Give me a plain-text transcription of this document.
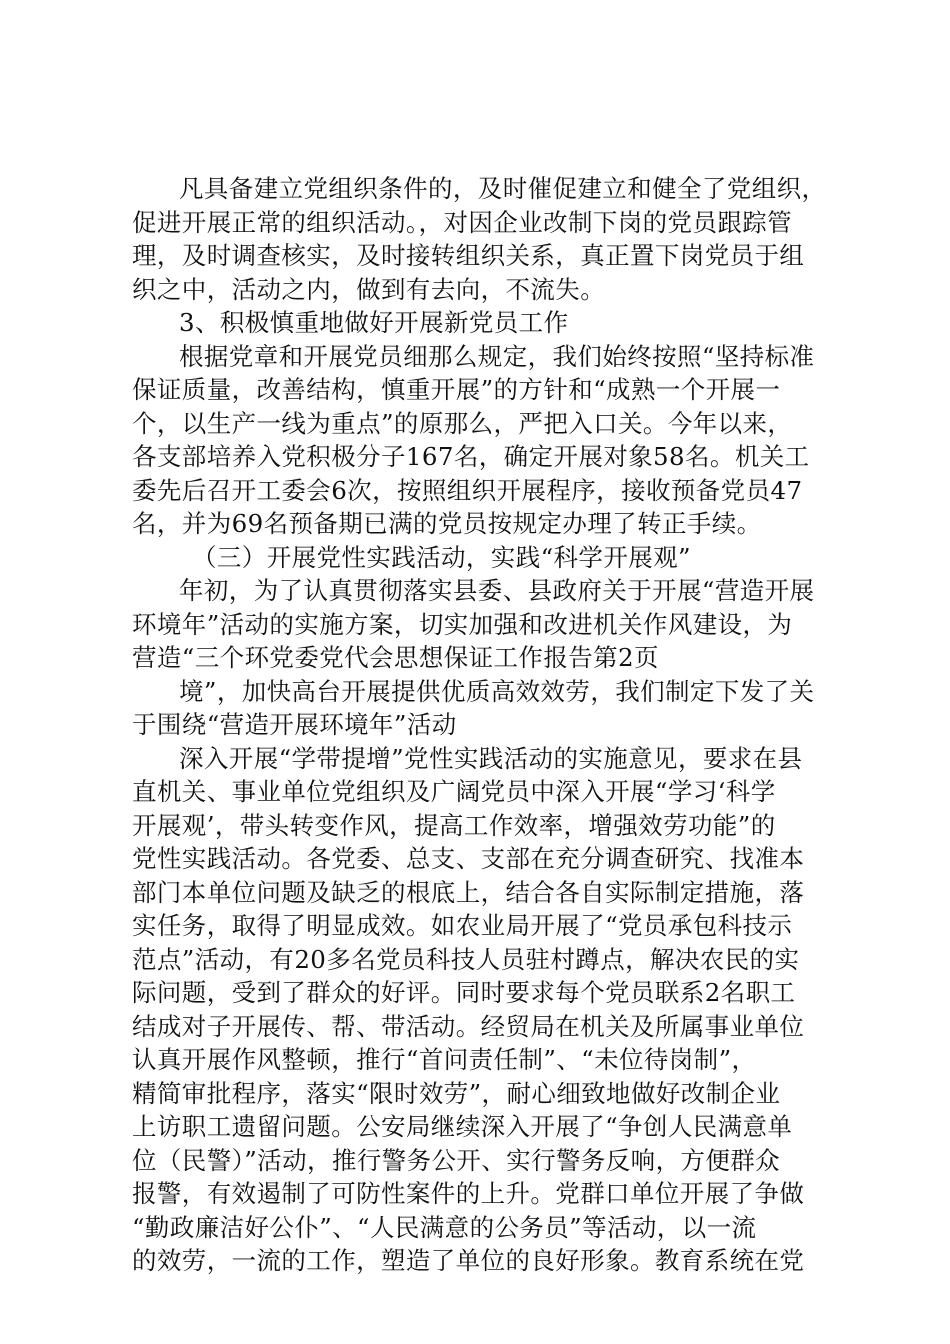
凡具备建立党组织条件的，及时催促建立和健全了党组织，
促进开展正常的组织活动。，对因企业改制下岗的党员跟踪管
理，及时调查核实，及时接转组织关系，真正置下岗党员于组
织之中，活动之内，做到有去向，不流失。
3、积极慎重地做好开展新党员工作
根据党章和开展党员细那么规定，我们始终按照“坚持标准
保证质量，改善结构，慎重开展”的方针和“成熟一个开展一
个，以生产一线为重点”的原那么，严把入口关。今年以来，
各支部培养入党积极分子167名，确定开展对象58名。机关工
委先后召开工委会6次，按照组织开展程序，接收预备党员47
名，并为69名预备期已满的党员按规定办理了转正手续。
（三）开展党性实践活动，实践“科学开展观”
年初，为了认真贯彻落实县委、县政府关于开展“营造开展
环境年”活动的实施方案，切实加强和改进机关作风建设，为
营造“三个环党委党代会思想保证工作报告第2页
境”，加快高台开展提供优质高效效劳，我们制定下发了关
于围绕“营造开展环境年”活动
深入开展“学带提增”党性实践活动的实施意见，要求在县
直机关、事业单位党组织及广阔党员中深入开展“学习‘科学
开展观’，带头转变作风，提高工作效率，增强效劳功能”的
党性实践活动。各党委、总支、支部在充分调查研究、找准本
部门本单位问题及缺乏的根底上，结合各自实际制定措施，落
实任务，取得了明显成效。如农业局开展了“党员承包科技示
范点”活动，有20多名党员科技人员驻村蹲点，解决农民的实
际问题，受到了群众的好评。同时要求每个党员联系2名职工
结成对子开展传、帮、带活动。经贸局在机关及所属事业单位
认真开展作风整顿，推行“首问责任制”、“未位待岗制”，
精简审批程序，落实“限时效劳”，耐心细致地做好改制企业
上访职工遗留问题。公安局继续深入开展了“争创人民满意单
位（民警）”活动，推行警务公开、实行警务反响，方便群众
报警，有效遏制了可防性案件的上升。党群口单位开展了争做
“勤政廉洁好公仆”、“人民满意的公务员”等活动，以一流
的效劳，一流的工作，塑造了单位的良好形象。教育系统在党
